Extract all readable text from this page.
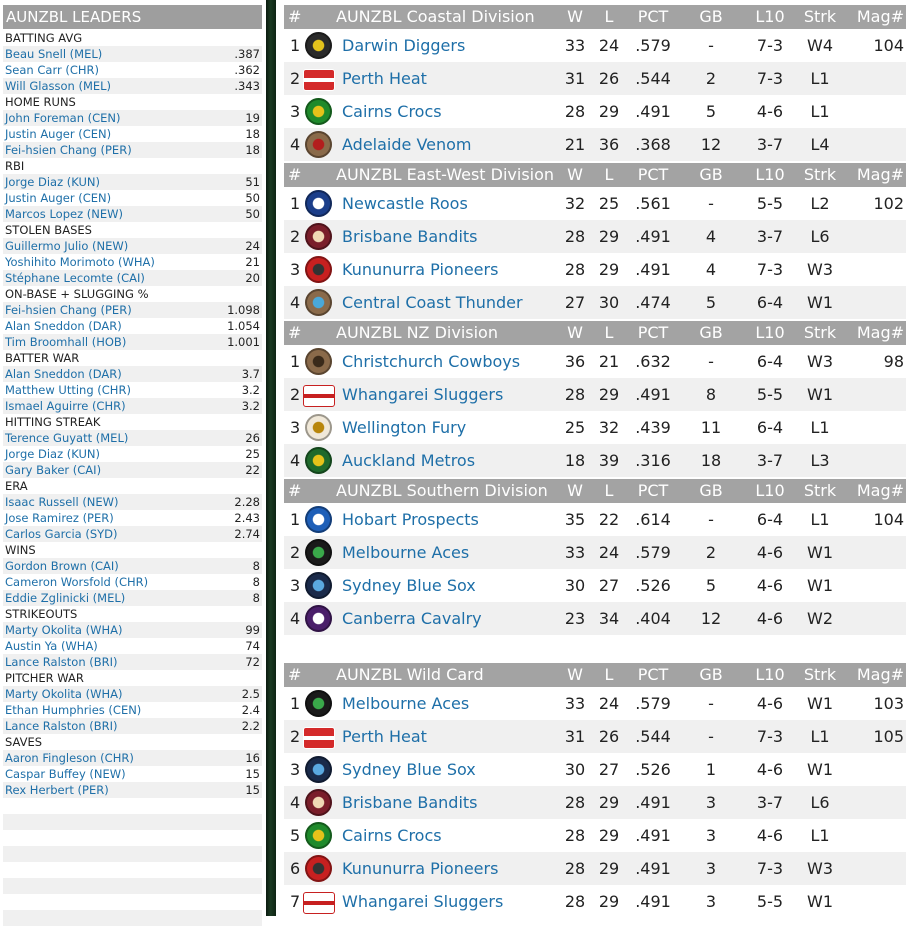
AUNZBL LEADERS
BATTING AVG
Beau Snell (MEL)	.387
Sean Carr (CHR)	.362
Will Glasson (MEL)	.343
HOME RUNS
John Foreman (CEN)	19
Justin Auger (CEN)	18
Fei-hsien Chang (PER)	18
RBI
Jorge Diaz (KUN)	51
Justin Auger (CEN)	50
Marcos Lopez (NEW)	50
STOLEN BASES
Guillermo Julio (NEW)	24
Yoshihito Morimoto (WHA)	21
Stéphane Lecomte (CAI)	20
ON-BASE + SLUGGING %
Fei-hsien Chang (PER)	1.098
Alan Sneddon (DAR)	1.054
Tim Broomhall (HOB)	1.001
BATTER WAR
Alan Sneddon (DAR)	3.7
Matthew Utting (CHR)	3.2
Ismael Aguirre (CHR)	3.2
HITTING STREAK
Terence Guyatt (MEL)	26
Jorge Diaz (KUN)	25
Gary Baker (CAI)	22
ERA
Isaac Russell (NEW)	2.28
Jose Ramirez (PER)	2.43
Carlos Garcia (SYD)	2.74
WINS
Gordon Brown (CAI)	8
Cameron Worsfold (CHR)	8
Eddie Zglinicki (MEL)	8
STRIKEOUTS
Marty Okolita (WHA)	99
Austin Ya (WHA)	74
Lance Ralston (BRI)	72
PITCHER WAR
Marty Okolita (WHA)	2.5
Ethan Humphries (CEN)	2.4
Lance Ralston (BRI)	2.2
SAVES
Aaron Fingleson (CHR)	16
Caspar Buffey (NEW)	15
Rex Herbert (PER)	15
# AUNZBL Coastal Division	W	L	PCT	GB	L10	Strk	Mag#
1	Darwin Diggers	33 24	.579	-	7-3	W4	104
2	Perth Heat	31 26	.544	2	7-3	L1
3	Cairns Crocs	28 29	.491	5	4-6	L1
4	Adelaide Venom	21 36	.368	12	3-7	L4
# AUNZBL East-West Division W	L	PCT	GB	L10	Strk	Mag#
1	Newcastle Roos	32 25	.561	-	5-5	L2	102
2	Brisbane Bandits	28 29	.491	4	3-7	L6
3	Kununurra Pioneers	28 29	.491	4	7-3	W3
4	Central Coast Thunder	27 30	.474	5	6-4	W1
# AUNZBL NZ Division	W	L	PCT	GB	L10	Strk	Mag#
1	Christchurch Cowboys	36 21	.632	-	6-4	W3	98
2	Whangarei Sluggers	28 29	.491	8	5-5	W1
3	Wellington Fury	25 32	.439	11	6-4	L1
4	Auckland Metros	18 39	.316	18	3-7	L3
# AUNZBL Southern Division	W	L	PCT	GB	L10	Strk	Mag#
1	Hobart Prospects	35 22	.614	-	6-4	L1	104
2	Melbourne Aces	33 24	.579	2	4-6	W1
3	Sydney Blue Sox	30 27	.526	5	4-6	W1
4	Canberra Cavalry	23 34	.404	12	4-6	W2
# AUNZBL Wild Card	W	L	PCT	GB	L10	Strk	Mag#
1	Melbourne Aces	33 24	.579	-	4-6	W1	103
2	Perth Heat	31 26	.544	-	7-3	L1	105
3	Sydney Blue Sox	30 27	.526	1	4-6	W1
4	Brisbane Bandits	28 29	.491	3	3-7	L6
5	Cairns Crocs	28 29	.491	3	4-6	L1
6	Kununurra Pioneers	28 29	.491	3	7-3	W3
7	Whangarei Sluggers	28 29	.491	3	5-5	W1
